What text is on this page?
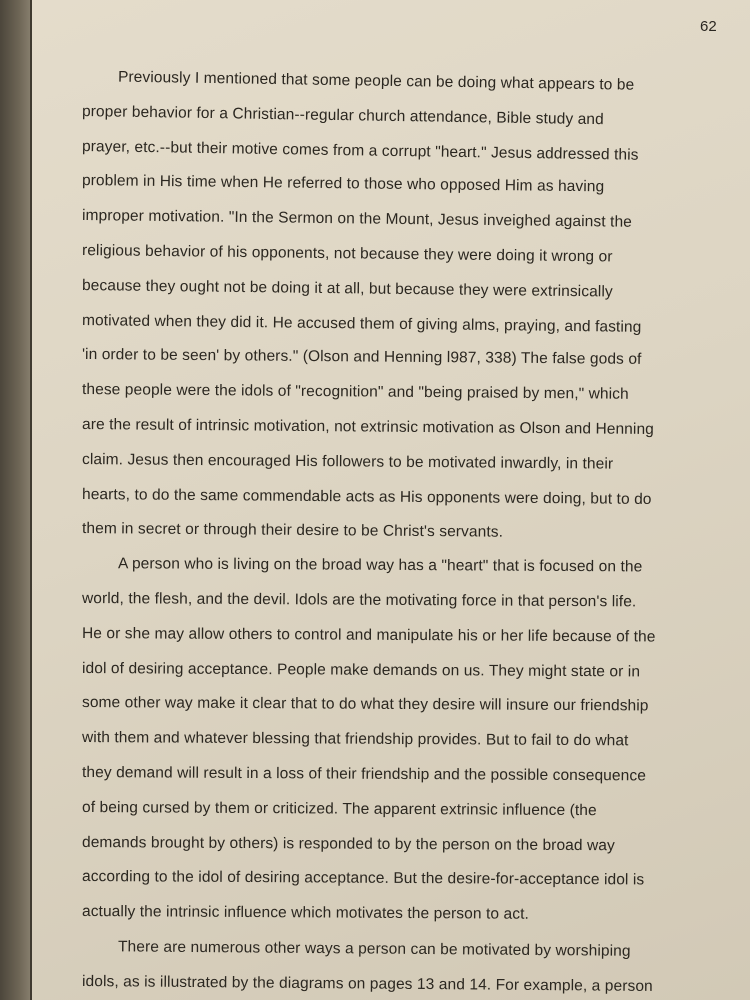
62
Previously I mentioned that some people can be doing what appears to be
proper behavior for a Christian--regular church attendance, Bible study and
prayer, etc.--but their motive comes from a corrupt "heart." Jesus addressed this
problem in His time when He referred to those who opposed Him as having
improper motivation. "In the Sermon on the Mount, Jesus inveighed against the
religious behavior of his opponents, not because they were doing it wrong or
because they ought not be doing it at all, but because they were extrinsically
motivated when they did it. He accused them of giving alms, praying, and fasting
'in order to be seen' by others." (Olson and Henning l987, 338) The false gods of
these people were the idols of "recognition" and "being praised by men," which
are the result of intrinsic motivation, not extrinsic motivation as Olson and Henning
claim. Jesus then encouraged His followers to be motivated inwardly, in their
hearts, to do the same commendable acts as His opponents were doing, but to do
them in secret or through their desire to be Christ's servants.
A person who is living on the broad way has a "heart" that is focused on the
world, the flesh, and the devil. Idols are the motivating force in that person's life.
He or she may allow others to control and manipulate his or her life because of the
idol of desiring acceptance. People make demands on us. They might state or in
some other way make it clear that to do what they desire will insure our friendship
with them and whatever blessing that friendship provides. But to fail to do what
they demand will result in a loss of their friendship and the possible consequence
of being cursed by them or criticized. The apparent extrinsic influence (the
demands brought by others) is responded to by the person on the broad way
according to the idol of desiring acceptance. But the desire-for-acceptance idol is
actually the intrinsic influence which motivates the person to act.
There are numerous other ways a person can be motivated by worshiping
idols, as is illustrated by the diagrams on pages 13 and 14. For example, a person
